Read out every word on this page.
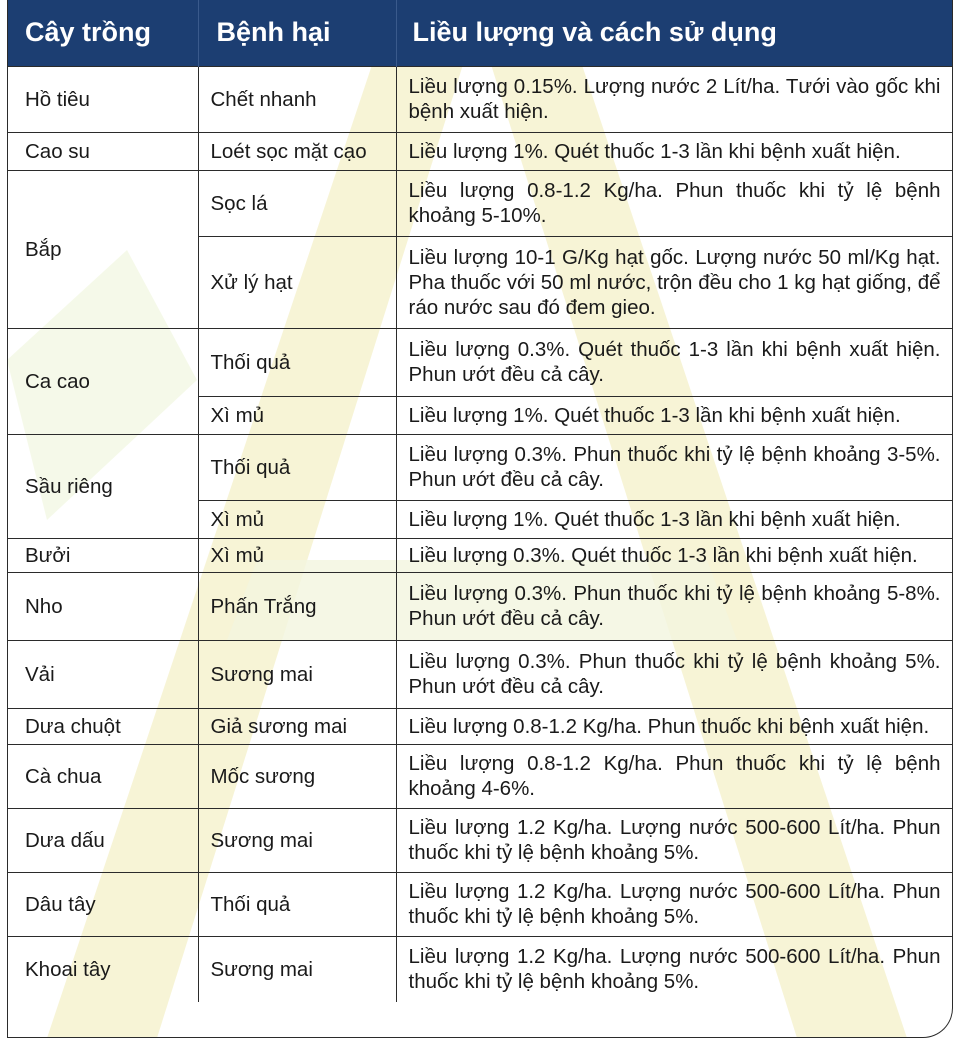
Cây trồng	Bệnh hại	Liều lượng và cách sử dụng
Hồ tiêu	Chết nhanh	Liều lượng 0.15%. Lượng nước 2 Lít/ha. Tưới vào gốc khi bệnh xuất hiện.
Cao su	Loét sọc mặt cạo	Liều lượng 1%. Quét thuốc 1-3 lần khi bệnh xuất hiện.
Bắp	Sọc lá	Liều lượng 0.8-1.2 Kg/ha. Phun thuốc khi tỷ lệ bệnh khoảng 5-10%.
	Xử lý hạt	Liều lượng 10-1 G/Kg hạt gốc. Lượng nước 50 ml/Kg hạt. Pha thuốc với 50 ml nước, trộn đều cho 1 kg hạt giống, để ráo nước sau đó đem gieo.
Ca cao	Thối quả	Liều lượng 0.3%. Quét thuốc 1-3 lần khi bệnh xuất hiện. Phun ướt đều cả cây.
	Xì mủ	Liều lượng 1%. Quét thuốc 1-3 lần khi bệnh xuất hiện.
Sầu riêng	Thối quả	Liều lượng 0.3%. Phun thuốc khi tỷ lệ bệnh khoảng 3-5%. Phun ướt đều cả cây.
	Xì mủ	Liều lượng 1%. Quét thuốc 1-3 lần khi bệnh xuất hiện.
Bưởi	Xì mủ	Liều lượng 0.3%. Quét thuốc 1-3 lần khi bệnh xuất hiện.
Nho	Phấn Trắng	Liều lượng 0.3%. Phun thuốc khi tỷ lệ bệnh khoảng 5-8%. Phun ướt đều cả cây.
Vải	Sương mai	Liều lượng 0.3%. Phun thuốc khi tỷ lệ bệnh khoảng 5%. Phun ướt đều cả cây.
Dưa chuột	Giả sương mai	Liều lượng 0.8-1.2 Kg/ha. Phun thuốc khi bệnh xuất hiện.
Cà chua	Mốc sương	Liều lượng 0.8-1.2 Kg/ha. Phun thuốc khi tỷ lệ bệnh khoảng 4-6%.
Dưa dấu	Sương mai	Liều lượng 1.2 Kg/ha. Lượng nước 500-600 Lít/ha. Phun thuốc khi tỷ lệ bệnh khoảng 5%.
Dâu tây	Thối quả	Liều lượng 1.2 Kg/ha. Lượng nước 500-600 Lít/ha. Phun thuốc khi tỷ lệ bệnh khoảng 5%.
Khoai tây	Sương mai	Liều lượng 1.2 Kg/ha. Lượng nước 500-600 Lít/ha. Phun thuốc khi tỷ lệ bệnh khoảng 5%.
